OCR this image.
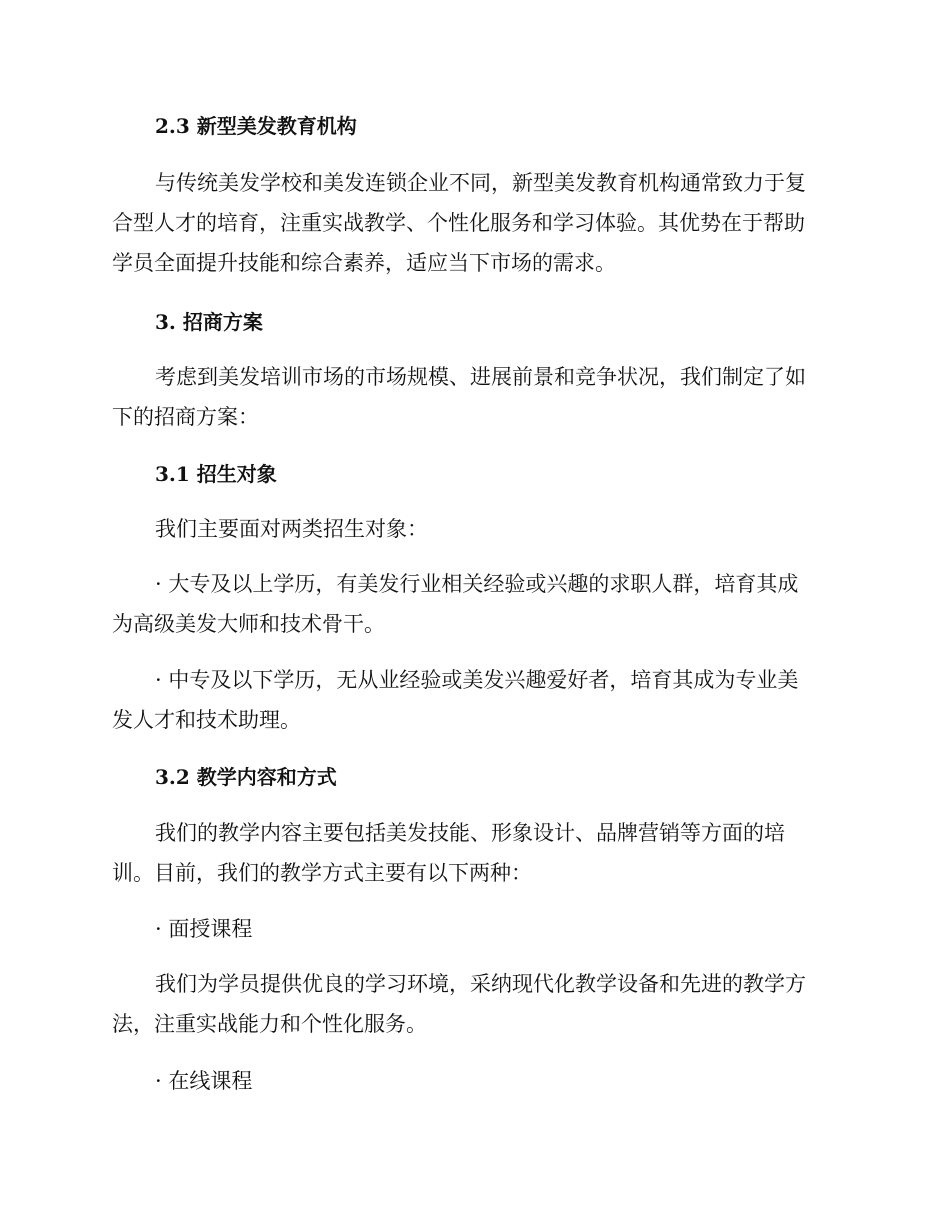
2.3 新型美发教育机构
与传统美发学校和美发连锁企业不同，新型美发教育机构通常致力于复
合型人才的培育，注重实战教学、个性化服务和学习体验。其优势在于帮助
学员全面提升技能和综合素养，适应当下市场的需求。
3. 招商方案
考虑到美发培训市场的市场规模、进展前景和竞争状况，我们制定了如
下的招商方案：
3.1 招生对象
我们主要面对两类招生对象：
· 大专及以上学历，有美发行业相关经验或兴趣的求职人群，培育其成
为高级美发大师和技术骨干。
· 中专及以下学历，无从业经验或美发兴趣爱好者，培育其成为专业美
发人才和技术助理。
3.2 教学内容和方式
我们的教学内容主要包括美发技能、形象设计、品牌营销等方面的培
训。目前，我们的教学方式主要有以下两种：
· 面授课程
我们为学员提供优良的学习环境，采纳现代化教学设备和先进的教学方
法，注重实战能力和个性化服务。
· 在线课程
